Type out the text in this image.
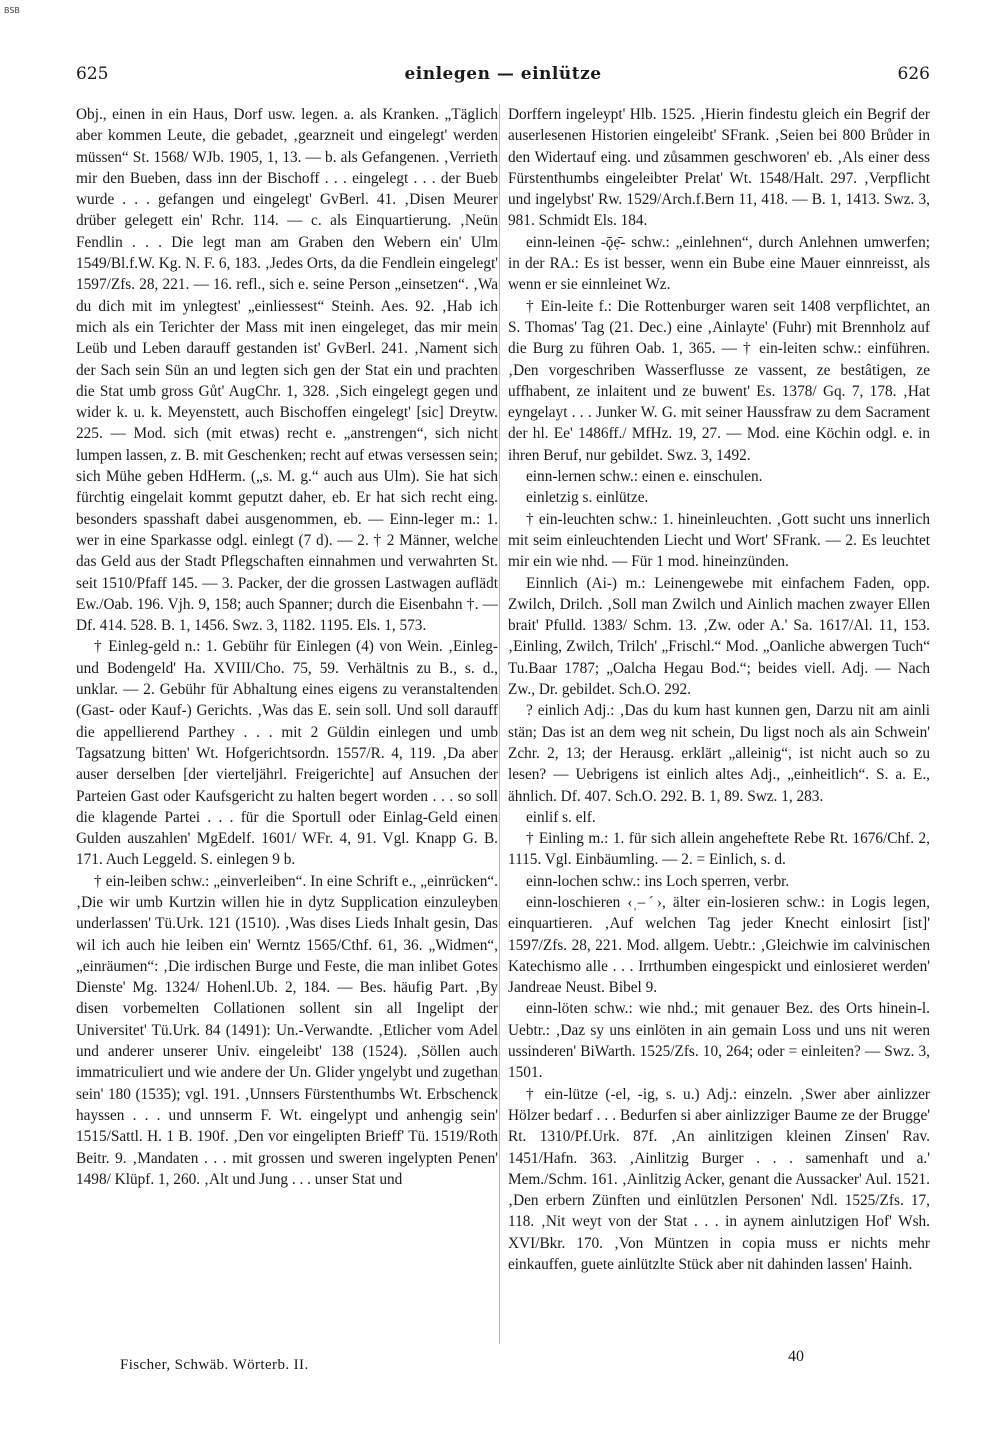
BSB
625	einlegen — einlütze	626

Obj., einen in ein Haus, Dorf usw. legen. a. als Kranken. „Täglich aber kommen Leute, die gebadet, ‚gearzneit und eingelegt' werden müssen“ St. 1568/ WJb. 1905, 1, 13. — b. als Gefangenen. ‚Verrieth mir den Bueben, dass inn der Bischoff . . . eingelegt . . . der Bueb wurde . . . gefangen und eingelegt' GvBerl. 41. ‚Disen Meurer drüber gelegett ein' Rchr. 114. — c. als Einquartierung. ‚Neün Fendlin . . . Die legt man am Graben den Webern ein' Ulm 1549/Bl.f.W. Kg. N. F. 6, 183. ‚Jedes Orts, da die Fendlein eingelegt' 1597/Zfs. 28, 221. — 16. refl., sich e. seine Person „einsetzen“. ‚Wa du dich mit im ynlegtest' „einliessest“ Steinh. Aes. 92. ‚Hab ich mich als ein Terichter der Mass mit inen eingeleget, das mir mein Leüb und Leben darauff gestanden ist' GvBerl. 241. ‚Nament sich der Sach sein Sün an und legten sich gen der Stat ein und prachten die Stat umb gross Gůt' AugChr. 1, 328. ‚Sich eingelegt gegen und wider k. u. k. Meyenstett, auch Bischoffen eingelegt' [sic] Dreytw. 225. — Mod. sich (mit etwas) recht e. „anstrengen“, sich nicht lumpen lassen, z. B. mit Geschenken; recht auf etwas versessen sein; sich Mühe geben HdHerm. („s. M. g.“ auch aus Ulm). Sie hat sich fürchtig eingelait kommt geputzt daher, eb. Er hat sich recht eing. besonders spasshaft dabei ausgenommen, eb. — Einn-leger m.: 1. wer in eine Sparkasse odgl. einlegt (7 d). — 2. † 2 Männer, welche das Geld aus der Stadt Pflegschaften einnahmen und verwahrten St. seit 1510/Pfaff 145. — 3. Packer, der die grossen Lastwagen auflädt Ew./Oab. 196. Vjh. 9, 158; auch Spanner; durch die Eisenbahn †. — Df. 414. 528. B. 1, 1456. Swz. 3, 1182. 1195. Els. 1, 573.

† Einleg-geld n.: 1. Gebühr für Einlegen (4) von Wein. ‚Einleg- und Bodengeld' Ha. XVIII/Cho. 75, 59. Verhältnis zu B., s. d., unklar. — 2. Gebühr für Abhaltung eines eigens zu veranstaltenden (Gast- oder Kauf-) Gerichts. ‚Was das E. sein soll. Und soll darauff die appellierend Parthey . . . mit 2 Güldin einlegen und umb Tagsatzung bitten' Wt. Hofgerichtsordn. 1557/R. 4, 119. ‚Da aber auser derselben [der vierteljährl. Freigerichte] auf Ansuchen der Parteien Gast oder Kaufsgericht zu halten begert worden . . . so soll die klagende Partei . . . für die Sportull oder Einlag-Geld einen Gulden auszahlen' MgEdelf. 1601/ WFr. 4, 91. Vgl. Knapp G. B. 171. Auch Leggeld. S. einlegen 9 b.

† ein-leiben schw.: „einverleiben“. In eine Schrift e., „einrücken“. ‚Die wir umb Kurtzin willen hie in dytz Supplication einzuleyben underlassen' Tü.Urk. 121 (1510). ‚Was dises Lieds Inhalt gesin, Das wil ich auch hie leiben ein' Werntz 1565/Cthf. 61, 36. „Widmen“, „einräumen“: ‚Die irdischen Burge und Feste, die man inlibet Gotes Dienste' Mg. 1324/ Hohenl.Ub. 2, 184. — Bes. häufig Part. ‚By disen vorbemelten Collationen sollent sin all Ingelipt der Universitet' Tü.Urk. 84 (1491): Un.-Verwandte. ‚Etlicher vom Adel und anderer unserer Univ. eingeleibt' 138 (1524). ‚Söllen auch immatriculiert und wie andere der Un. Glider yngelybt und zugethan sein' 180 (1535); vgl. 191. ‚Unnsers Fürstenthumbs Wt. Erbschenck hayssen . . . und unnserm F. Wt. eingelypt und anhengig sein' 1515/Sattl. H. 1 B. 190f. ‚Den vor eingelipten Brieff' Tü. 1519/Roth Beitr. 9. ‚Mandaten . . . mit grossen und sweren ingelypten Penen' 1498/ Klüpf. 1, 260. ‚Alt und Jung . . . unser Stat und

Dorffern ingeleypt' Hlb. 1525. ‚Hierin findestu gleich ein Begrif der auserlesenen Historien eingeleibt' SFrank. ‚Seien bei 800 Brůder in den Widertauf eing. und zůsammen geschworen' eb. ‚Als einer dess Fürstenthumbs eingeleibter Prelat' Wt. 1548/Halt. 297. ‚Verpflicht und ingelybst' Rw. 1529/Arch.f.Bern 11, 418. — B. 1, 1413. Swz. 3, 981. Schmidt Els. 184.

einn-leinen -ǭẹ̄- schw.: „einlehnen“, durch Anlehnen umwerfen; in der RA.: Es ist besser, wenn ein Bube eine Mauer einnreisst, als wenn er sie einnleinet Wz.

† Ein-leite f.: Die Rottenburger waren seit 1408 verpflichtet, an S. Thomas' Tag (21. Dec.) eine ‚Ainlayte' (Fuhr) mit Brennholz auf die Burg zu führen Oab. 1, 365. — † ein-leiten schw.: einführen. ‚Den vorgeschriben Wasserflusse ze vassent, ze bestâtigen, ze uffhabent, ze inlaitent und ze buwent' Es. 1378/ Gq. 7, 178. ‚Hat eyngelayt . . . Junker W. G. mit seiner Haussfraw zu dem Sacrament der hl. Ee' 1486ff./ MfHz. 19, 27. — Mod. eine Köchin odgl. e. in ihren Beruf, nur gebildet. Swz. 3, 1492.

einn-lernen schw.: einen e. einschulen.

einletzig s. einlütze.

† ein-leuchten schw.: 1. hineinleuchten. ‚Gott sucht uns innerlich mit seim einleuchtenden Liecht und Wort' SFrank. — 2. Es leuchtet mir ein wie nhd. — Für 1 mod. hineinzünden.

Einnlich (Ai-) m.: Leinengewebe mit einfachem Faden, opp. Zwilch, Drilch. ‚Soll man Zwilch und Ainlich machen zwayer Ellen brait' Pfulld. 1383/ Schm. 13. ‚Zw. oder A.' Sa. 1617/Al. 11, 153. ‚Einling, Zwilch, Trilch' „Frischl.“ Mod. „Oanliche abwergen Tuch“ Tu.Baar 1787; „Oalcha Hegau Bod.“; beides viell. Adj. — Nach Zw., Dr. gebildet. Sch.O. 292.

? einlich Adj.: ‚Das du kum hast kunnen gen, Darzu nit am ainli stän; Das ist an dem weg nit schein, Du ligst noch als ain Schwein' Zchr. 2, 13; der Herausg. erklärt „alleinig“, ist nicht auch so zu lesen? — Uebrigens ist einlich altes Adj., „einheitlich“. S. a. E., ähnlich. Df. 407. Sch.O. 292. B. 1, 89. Swz. 1, 283.

einlif s. elf.

† Einling m.: 1. für sich allein angeheftete Rebe Rt. 1676/Chf. 2, 1115. Vgl. Einbäumling. — 2. = Einlich, s. d.

einn-lochen schw.: ins Loch sperren, verbr.

einn-loschieren ‹ˌ–ˊ›, älter ein-losieren schw.: in Logis legen, einquartieren. ‚Auf welchen Tag jeder Knecht einlosirt [ist]' 1597/Zfs. 28, 221. Mod. allgem. Uebtr.: ‚Gleichwie im calvinischen Katechismo alle . . . Irrthumben eingespickt und einlosieret werden' Jandreae Neust. Bibel 9.

einn-löten schw.: wie nhd.; mit genauer Bez. des Orts hinein-l. Uebtr.: ‚Daz sy uns einlöten in ain gemain Loss und uns nit weren ussinderen' BiWarth. 1525/Zfs. 10, 264; oder = einleiten? — Swz. 3, 1501.

† ein-lütze (-el, -ig, s. u.) Adj.: einzeln. ‚Swer aber ainlizzer Hölzer bedarf . . . Bedurfen si aber ainlizziger Baume ze der Brugge' Rt. 1310/Pf.Urk. 87f. ‚An ainlitzigen kleinen Zinsen' Rav. 1451/Hafn. 363. ‚Ainlitzig Burger . . . samenhaft und a.' Mem./Schm. 161. ‚Ainlitzig Acker, genant die Aussacker' Aul. 1521. ‚Den erbern Zünften und einlützlen Personen' Ndl. 1525/Zfs. 17, 118. ‚Nit weyt von der Stat . . . in aynem ainlutzigen Hof' Wsh. XVI/Bkr. 170. ‚Von Müntzen in copia muss er nichts mehr einkauffen, guete ainlützlte Stück aber nit dahinden lassen' Hainh.

Fischer, Schwäb. Wörterb. II.	40
